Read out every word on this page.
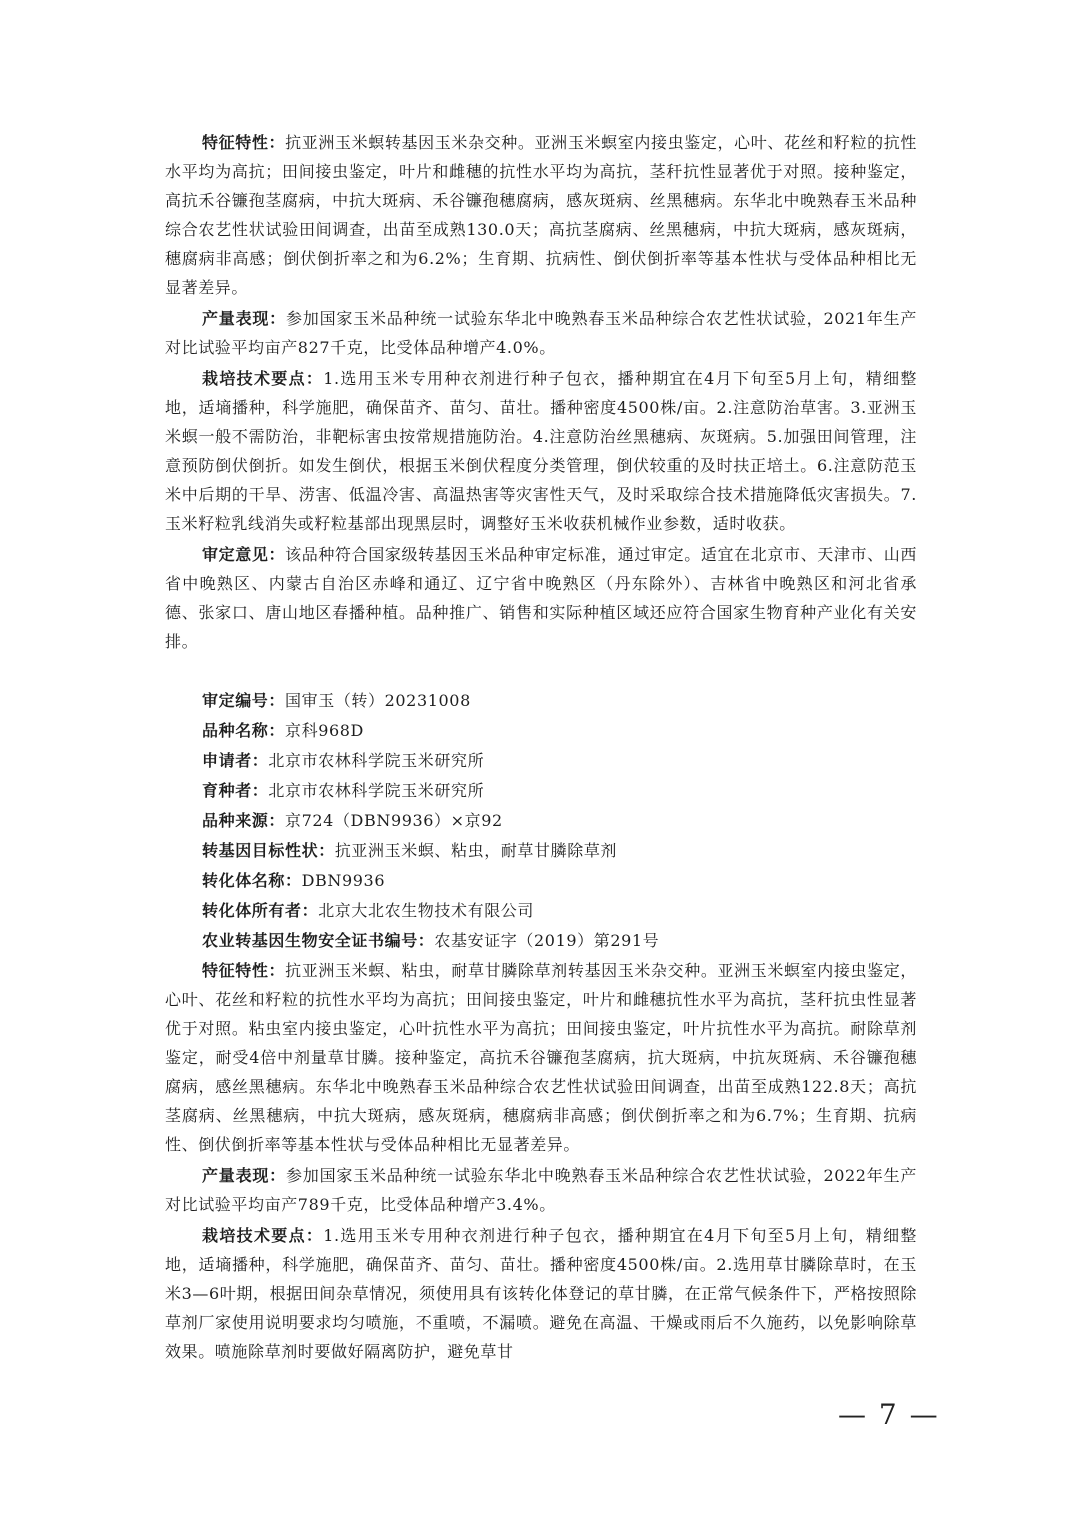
特征特性：抗亚洲玉米螟转基因玉米杂交种。亚洲玉米螟室内接虫鉴定，心叶、花丝和籽粒的抗性水平均为高抗；田间接虫鉴定，叶片和雌穗的抗性水平均为高抗，茎秆抗性显著优于对照。接种鉴定，高抗禾谷镰孢茎腐病，中抗大斑病、禾谷镰孢穗腐病，感灰斑病、丝黑穗病。东华北中晚熟春玉米品种综合农艺性状试验田间调查，出苗至成熟130.0天；高抗茎腐病、丝黑穗病，中抗大斑病，感灰斑病，穗腐病非高感；倒伏倒折率之和为6.2%；生育期、抗病性、倒伏倒折率等基本性状与受体品种相比无显著差异。

产量表现：参加国家玉米品种统一试验东华北中晚熟春玉米品种综合农艺性状试验，2021年生产对比试验平均亩产827千克，比受体品种增产4.0%。

栽培技术要点：1.选用玉米专用种衣剂进行种子包衣，播种期宜在4月下旬至5月上旬，精细整地，适墒播种，科学施肥，确保苗齐、苗匀、苗壮。播种密度4500株/亩。2.注意防治草害。3.亚洲玉米螟一般不需防治，非靶标害虫按常规措施防治。4.注意防治丝黑穗病、灰斑病。5.加强田间管理，注意预防倒伏倒折。如发生倒伏，根据玉米倒伏程度分类管理，倒伏较重的及时扶正培土。6.注意防范玉米中后期的干旱、涝害、低温冷害、高温热害等灾害性天气，及时采取综合技术措施降低灾害损失。7.玉米籽粒乳线消失或籽粒基部出现黑层时，调整好玉米收获机械作业参数，适时收获。

审定意见：该品种符合国家级转基因玉米品种审定标准，通过审定。适宜在北京市、天津市、山西省中晚熟区、内蒙古自治区赤峰和通辽、辽宁省中晚熟区（丹东除外）、吉林省中晚熟区和河北省承德、张家口、唐山地区春播种植。品种推广、销售和实际种植区域还应符合国家生物育种产业化有关安排。

审定编号：国审玉（转）20231008

品种名称：京科968D

申请者：北京市农林科学院玉米研究所

育种者：北京市农林科学院玉米研究所

品种来源：京724（DBN9936）×京92

转基因目标性状：抗亚洲玉米螟、粘虫，耐草甘膦除草剂

转化体名称：DBN9936

转化体所有者：北京大北农生物技术有限公司

农业转基因生物安全证书编号：农基安证字（2019）第291号

特征特性：抗亚洲玉米螟、粘虫，耐草甘膦除草剂转基因玉米杂交种。亚洲玉米螟室内接虫鉴定，心叶、花丝和籽粒的抗性水平均为高抗；田间接虫鉴定，叶片和雌穗抗性水平为高抗，茎秆抗虫性显著优于对照。粘虫室内接虫鉴定，心叶抗性水平为高抗；田间接虫鉴定，叶片抗性水平为高抗。耐除草剂鉴定，耐受4倍中剂量草甘膦。接种鉴定，高抗禾谷镰孢茎腐病，抗大斑病，中抗灰斑病、禾谷镰孢穗腐病，感丝黑穗病。东华北中晚熟春玉米品种综合农艺性状试验田间调查，出苗至成熟122.8天；高抗茎腐病、丝黑穗病，中抗大斑病，感灰斑病，穗腐病非高感；倒伏倒折率之和为6.7%；生育期、抗病性、倒伏倒折率等基本性状与受体品种相比无显著差异。

产量表现：参加国家玉米品种统一试验东华北中晚熟春玉米品种综合农艺性状试验，2022年生产对比试验平均亩产789千克，比受体品种增产3.4%。

栽培技术要点：1.选用玉米专用种衣剂进行种子包衣，播种期宜在4月下旬至5月上旬，精细整地，适墒播种，科学施肥，确保苗齐、苗匀、苗壮。播种密度4500株/亩。2.选用草甘膦除草时，在玉米3—6叶期，根据田间杂草情况，须使用具有该转化体登记的草甘膦，在正常气候条件下，严格按照除草剂厂家使用说明要求均匀喷施，不重喷，不漏喷。避免在高温、干燥或雨后不久施药，以免影响除草效果。喷施除草剂时要做好隔离防护，避免草甘

— 7 —
